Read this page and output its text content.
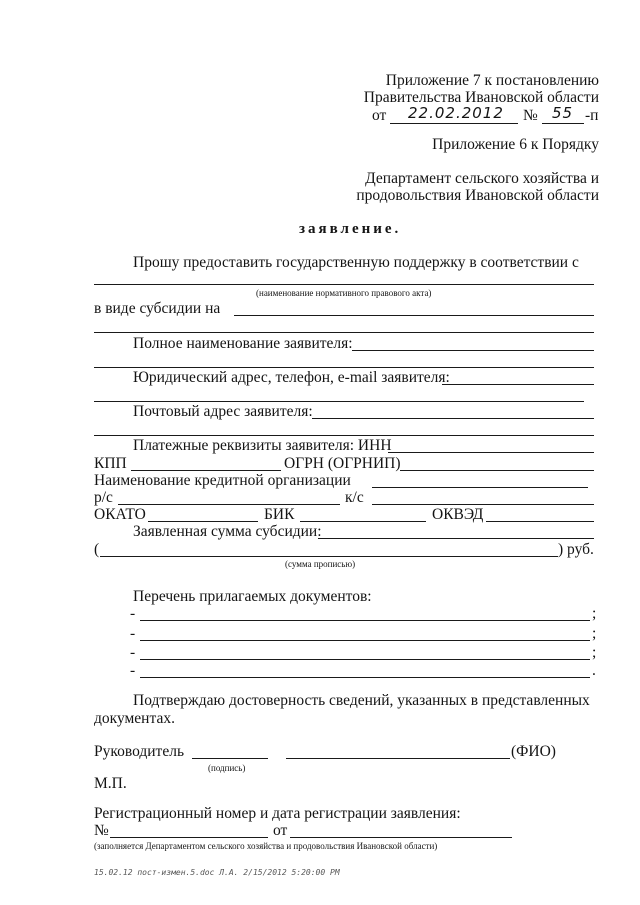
Приложение 7 к постановлению
Правительства Ивановской области
от 22.02.2012 № 55 -п
Приложение 6 к Порядку
Департамент сельского хозяйства и
продовольствия Ивановской области
заявление.
Прошу предоставить государственную поддержку в соответствии с
(наименование нормативного правового акта)
в виде субсидии на
Полное наименование заявителя:
Юридический адрес, телефон, e-mail заявителя:
Почтовый адрес заявителя:
Платежные реквизиты заявителя: ИНН
КПП	ОГРН (ОГРНИП)
Наименование кредитной организации
р/с	к/с
ОКАТО	БИК	ОКВЭД
Заявленная сумма субсидии:
(	) руб.
(сумма прописью)
Перечень прилагаемых документов:
-	;
-	;
-	;
-	.
Подтверждаю достоверность сведений, указанных в представленных
документах.
Руководитель	(ФИО)
(подпись)
М.П.
Регистрационный номер и дата регистрации заявления:
№	от
(заполняется Департаментом сельского хозяйства и продовольствия Ивановской области)
15.02.12 пост-измен.5.doc Л.А. 2/15/2012 5:20:00 PM
